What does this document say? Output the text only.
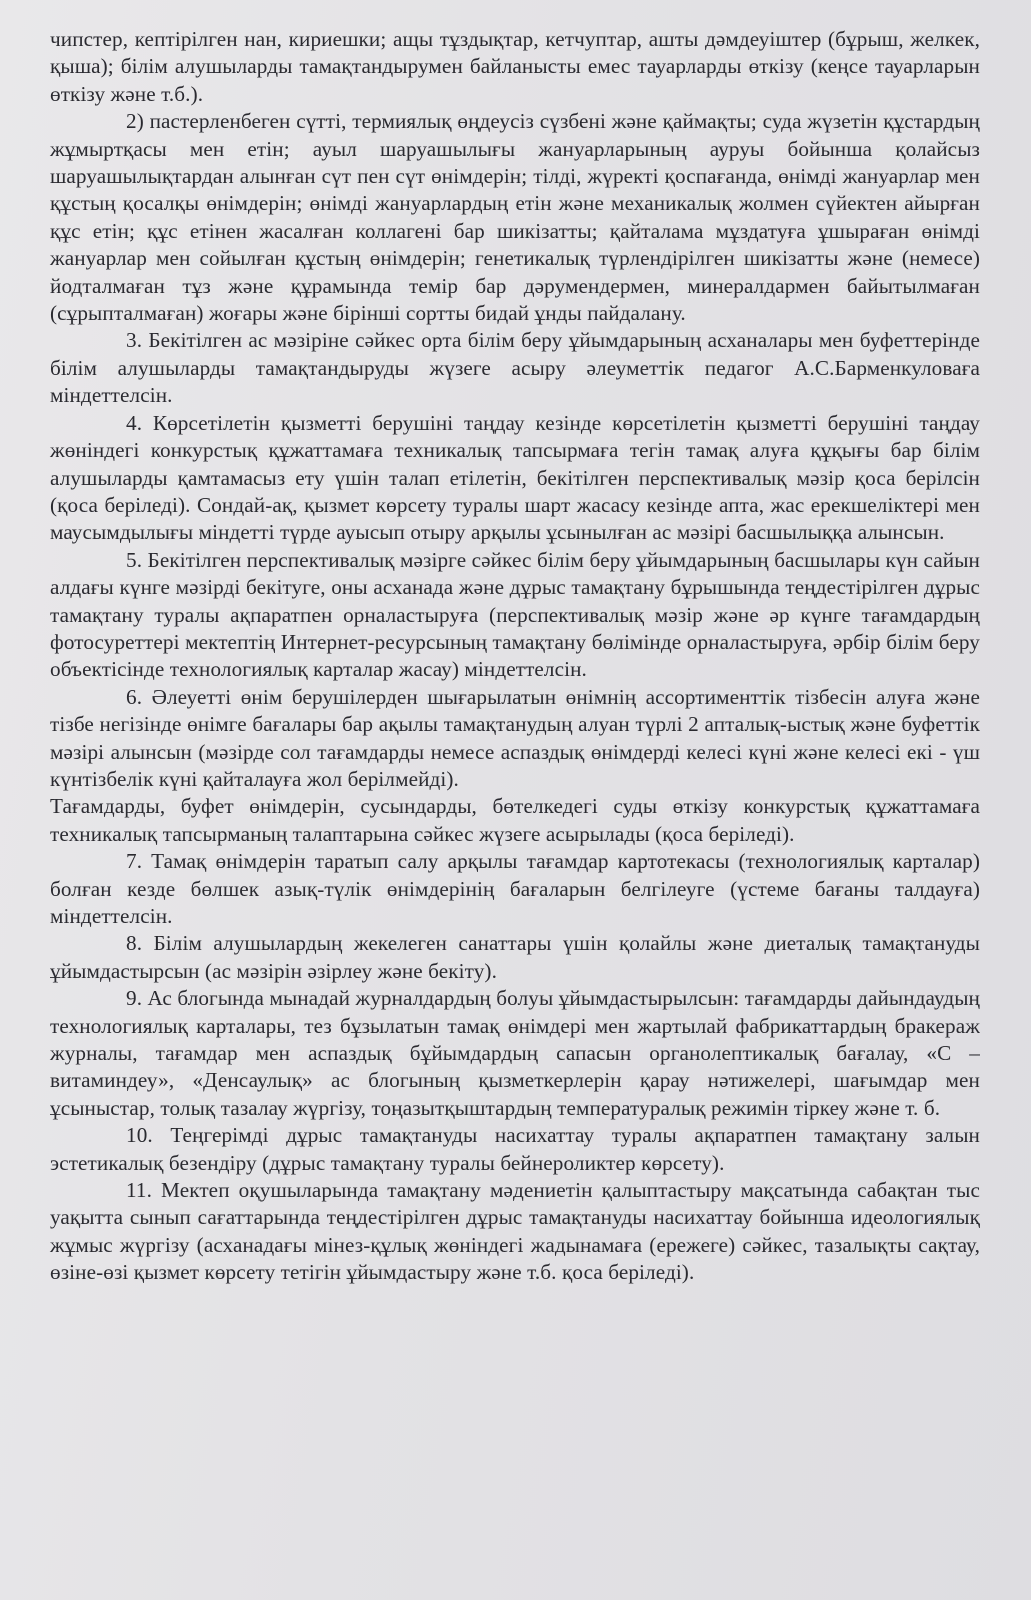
чипстер, кептірілген нан, кириешки; ащы тұздықтар, кетчуптар, ашты дәмдеуіштер (бұрыш, желкек, қыша); білім алушыларды тамақтандырумен байланысты емес тауарларды өткізу (кеңсе тауарларын өткізу және т.б.).

2) пастерленбеген сүтті, термиялық өңдеусіз сүзбені және қаймақты; суда жүзетін құстардың жұмыртқасы мен етін; ауыл шаруашылығы жануарларының ауруы бойынша қолайсыз шаруашылықтардан алынған сүт пен сүт өнімдерін; тілді, жүректі қоспағанда, өнімді жануарлар мен құстың қосалқы өнімдерін; өнімді жануарлардың етін және механикалық жолмен сүйектен айырған құс етін; құс етінен жасалған коллагені бар шикізатты; қайталама мұздатуға ұшыраған өнімді жануарлар мен сойылған құстың өнімдерін; генетикалық түрлендірілген шикізатты және (немесе) йодталмаған тұз және құрамында темір бар дәрумендермен, минералдармен байытылмаған (сұрыпталмаған) жоғары және бірінші сортты бидай ұнды пайдалану.

3. Бекітілген ас мәзіріне сәйкес орта білім беру ұйымдарының асханалары мен буфеттерінде білім алушыларды тамақтандыруды жүзеге асыру әлеуметтік педагог А.С.Барменкуловаға міндеттелсін.

4. Көрсетілетін қызметті берушіні таңдау кезінде көрсетілетін қызметті берушіні таңдау жөніндегі конкурстық құжаттамаға техникалық тапсырмаға тегін тамақ алуға құқығы бар білім алушыларды қамтамасыз ету үшін талап етілетін, бекітілген перспективалық мәзір қоса берілсін (қоса беріледі). Сондай-ақ, қызмет көрсету туралы шарт жасасу кезінде апта, жас ерекшеліктері мен маусымдылығы міндетті түрде ауысып отыру арқылы ұсынылған ас мәзірі басшылыққа алынсын.

5. Бекітілген перспективалық мәзірге сәйкес білім беру ұйымдарының басшылары күн сайын алдағы күнге мәзірді бекітуге, оны асханада және дұрыс тамақтану бұрышында теңдестірілген дұрыс тамақтану туралы ақпаратпен орналастыруға (перспективалық мәзір және әр күнге тағамдардың фотосуреттері мектептің Интернет-ресурсының тамақтану бөлімінде орналастыруға, әрбір білім беру объектісінде технологиялық карталар жасау) міндеттелсін.

6. Әлеуетті өнім берушілерден шығарылатын өнімнің ассортименттік тізбесін алуға және тізбе негізінде өнімге бағалары бар ақылы тамақтанудың алуан түрлі 2 апталық-ыстық және буфеттік мәзірі алынсын (мәзірде сол тағамдарды немесе аспаздық өнімдерді келесі күні және келесі екі - үш күнтізбелік күні қайталауға жол берілмейді).

Тағамдарды, буфет өнімдерін, сусындарды, бөтелкедегі суды өткізу конкурстық құжаттамаға техникалық тапсырманың талаптарына сәйкес жүзеге асырылады (қоса беріледі).

7. Тамақ өнімдерін таратып салу арқылы тағамдар картотекасы (технологиялық карталар) болған кезде бөлшек азық-түлік өнімдерінің бағаларын белгілеуге (үстеме бағаны талдауға) міндеттелсін.

8. Білім алушылардың жекелеген санаттары үшін қолайлы және диеталық тамақтануды ұйымдастырсын (ас мәзірін әзірлеу және бекіту).

9. Ас блогында мынадай журналдардың болуы ұйымдастырылсын: тағамдарды дайындаудың технологиялық карталары, тез бұзылатын тамақ өнімдері мен жартылай фабрикаттардың бракераж журналы, тағамдар мен аспаздық бұйымдардың сапасын органолептикалық бағалау, «С – витаминдеу», «Денсаулық» ас блогының қызметкерлерін қарау нәтижелері, шағымдар мен ұсыныстар, толық тазалау жүргізу, тоңазытқыштардың температуралық режимін тіркеу және т. б.

10. Теңгерімді дұрыс тамақтануды насихаттау туралы ақпаратпен тамақтану залын эстетикалық безендіру (дұрыс тамақтану туралы бейнероликтер көрсету).

11. Мектеп оқушыларында тамақтану мәдениетін қалыптастыру мақсатында сабақтан тыс уақытта сынып сағаттарында теңдестірілген дұрыс тамақтануды насихаттау бойынша идеологиялық жұмыс жүргізу (асханадағы мінез-құлық жөніндегі жадынамаға (ережеге) сәйкес, тазалықты сақтау, өзіне-өзі қызмет көрсету тетігін ұйымдастыру және т.б. қоса беріледі).
